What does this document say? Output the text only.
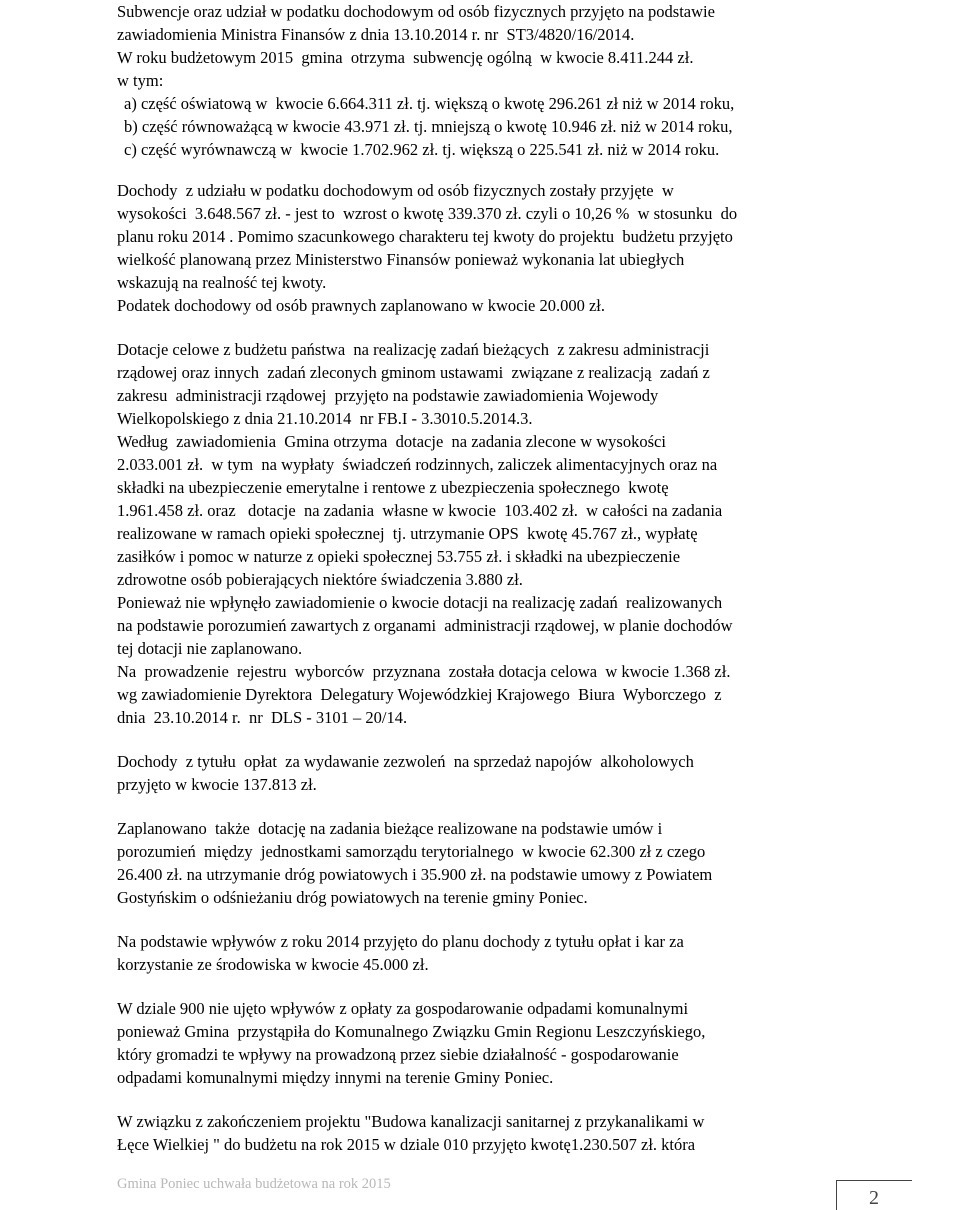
Subwencje oraz udział w podatku dochodowym od osób fizycznych przyjęto na podstawie
zawiadomienia Ministra Finansów z dnia 13.10.2014 r. nr  ST3/4820/16/2014.
W roku budżetowym 2015  gmina  otrzyma  subwencję ogólną  w kwocie 8.411.244 zł.
w tym:
a) część oświatową w  kwocie 6.664.311 zł. tj. większą o kwotę 296.261 zł niż w 2014 roku,
b) część równoważącą w kwocie 43.971 zł. tj. mniejszą o kwotę 10.946 zł. niż w 2014 roku,
c) część wyrównawczą w  kwocie 1.702.962 zł. tj. większą o 225.541 zł. niż w 2014 roku.
Dochody  z udziału w podatku dochodowym od osób fizycznych zostały przyjęte  w
wysokości  3.648.567 zł. - jest to  wzrost o kwotę 339.370 zł. czyli o 10,26 %  w stosunku  do
planu roku 2014 . Pomimo szacunkowego charakteru tej kwoty do projektu  budżetu przyjęto
wielkość planowaną przez Ministerstwo Finansów ponieważ wykonania lat ubiegłych
wskazują na realność tej kwoty.
Podatek dochodowy od osób prawnych zaplanowano w kwocie 20.000 zł.
Dotacje celowe z budżetu państwa  na realizację zadań bieżących  z zakresu administracji
rządowej oraz innych  zadań zleconych gminom ustawami  związane z realizacją  zadań z
zakresu  administracji rządowej  przyjęto na podstawie zawiadomienia Wojewody
Wielkopolskiego z dnia 21.10.2014  nr FB.I - 3.3010.5.2014.3.
Według  zawiadomienia  Gmina otrzyma  dotacje  na zadania zlecone w wysokości
2.033.001 zł.  w tym  na wypłaty  świadczeń rodzinnych, zaliczek alimentacyjnych oraz na
składki na ubezpieczenie emerytalne i rentowe z ubezpieczenia społecznego  kwotę
1.961.458 zł. oraz   dotacje  na zadania  własne w kwocie  103.402 zł.  w całości na zadania
realizowane w ramach opieki społecznej  tj. utrzymanie OPS  kwotę 45.767 zł., wypłatę
zasiłków i pomoc w naturze z opieki społecznej 53.755 zł. i składki na ubezpieczenie
zdrowotne osób pobierających niektóre świadczenia 3.880 zł.
Ponieważ nie wpłynęło zawiadomienie o kwocie dotacji na realizację zadań  realizowanych
na podstawie porozumień zawartych z organami  administracji rządowej, w planie dochodów
tej dotacji nie zaplanowano.
Na  prowadzenie  rejestru  wyborców  przyznana  została dotacja celowa  w kwocie 1.368 zł.
wg zawiadomienie Dyrektora  Delegatury Wojewódzkiej Krajowego  Biura  Wyborczego  z
dnia  23.10.2014 r.  nr  DLS - 3101 – 20/14.
Dochody  z tytułu  opłat  za wydawanie zezwoleń  na sprzedaż napojów  alkoholowych
przyjęto w kwocie 137.813 zł.
Zaplanowano  także  dotację na zadania bieżące realizowane na podstawie umów i
porozumień  między  jednostkami samorządu terytorialnego  w kwocie 62.300 zł z czego
26.400 zł. na utrzymanie dróg powiatowych i 35.900 zł. na podstawie umowy z Powiatem
Gostyńskim o odśnieżaniu dróg powiatowych na terenie gminy Poniec.
Na podstawie wpływów z roku 2014 przyjęto do planu dochody z tytułu opłat i kar za
korzystanie ze środowiska w kwocie 45.000 zł.
W dziale 900 nie ujęto wpływów z opłaty za gospodarowanie odpadami komunalnymi
ponieważ Gmina  przystąpiła do Komunalnego Związku Gmin Regionu Leszczyńskiego,
który gromadzi te wpływy na prowadzoną przez siebie działalność - gospodarowanie
odpadami komunalnymi między innymi na terenie Gminy Poniec.
W związku z zakończeniem projektu "Budowa kanalizacji sanitarnej z przykanalikami w
Łęce Wielkiej " do budżetu na rok 2015 w dziale 010 przyjęto kwotę1.230.507 zł. która
Gmina Poniec uchwała budżetowa na rok 2015
2
